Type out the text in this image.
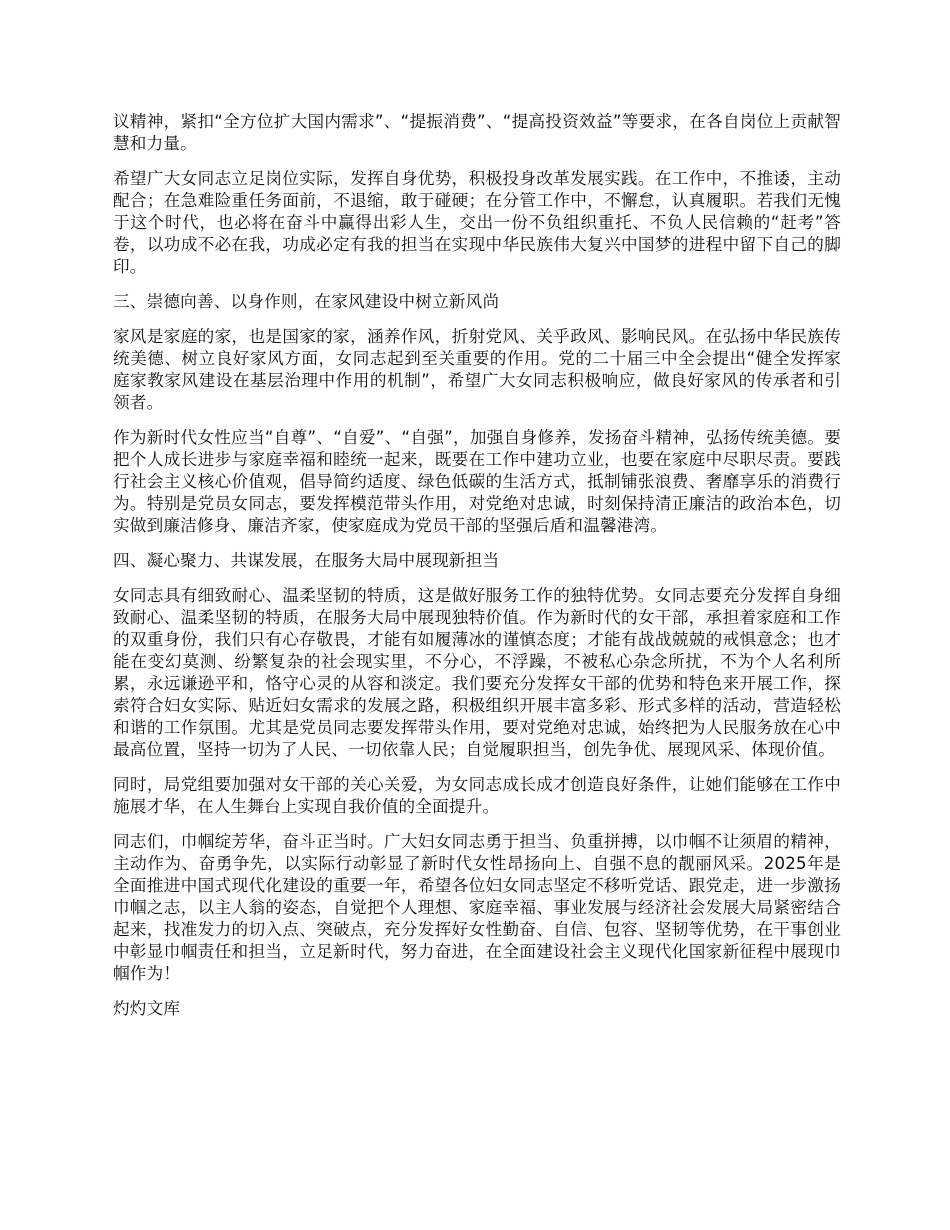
议精神，紧扣“全方位扩大国内需求”、“提振消费”、“提高投资效益”等要求，在各自岗位上贡献智慧和力量。

希望广大女同志立足岗位实际，发挥自身优势，积极投身改革发展实践。在工作中，不推诿，主动配合；在急难险重任务面前，不退缩，敢于碰硬；在分管工作中，不懈怠，认真履职。若我们无愧于这个时代，也必将在奋斗中赢得出彩人生，交出一份不负组织重托、不负人民信赖的“赶考”答卷，以功成不必在我，功成必定有我的担当在实现中华民族伟大复兴中国梦的进程中留下自己的脚印。

三、崇德向善、以身作则，在家风建设中树立新风尚

家风是家庭的家，也是国家的家，涵养作风，折射党风、关乎政风、影响民风。在弘扬中华民族传统美德、树立良好家风方面，女同志起到至关重要的作用。党的二十届三中全会提出“健全发挥家庭家教家风建设在基层治理中作用的机制”，希望广大女同志积极响应，做良好家风的传承者和引领者。

作为新时代女性应当“自尊”、“自爱”、“自强”，加强自身修养，发扬奋斗精神，弘扬传统美德。要把个人成长进步与家庭幸福和睦统一起来，既要在工作中建功立业，也要在家庭中尽职尽责。要践行社会主义核心价值观，倡导简约适度、绿色低碳的生活方式，抵制铺张浪费、奢靡享乐的消费行为。特别是党员女同志，要发挥模范带头作用，对党绝对忠诚，时刻保持清正廉洁的政治本色，切实做到廉洁修身、廉洁齐家，使家庭成为党员干部的坚强后盾和温馨港湾。

四、凝心聚力、共谋发展，在服务大局中展现新担当

女同志具有细致耐心、温柔坚韧的特质，这是做好服务工作的独特优势。女同志要充分发挥自身细致耐心、温柔坚韧的特质，在服务大局中展现独特价值。作为新时代的女干部，承担着家庭和工作的双重身份，我们只有心存敬畏，才能有如履薄冰的谨慎态度；才能有战战兢兢的戒惧意念；也才能在变幻莫测、纷繁复杂的社会现实里，不分心，不浮躁，不被私心杂念所扰，不为个人名利所累，永远谦逊平和，恪守心灵的从容和淡定。我们要充分发挥女干部的优势和特色来开展工作，探索符合妇女实际、贴近妇女需求的发展之路，积极组织开展丰富多彩、形式多样的活动，营造轻松和谐的工作氛围。尤其是党员同志要发挥带头作用，要对党绝对忠诚，始终把为人民服务放在心中最高位置，坚持一切为了人民、一切依靠人民；自觉履职担当，创先争优、展现风采、体现价值。

同时，局党组要加强对女干部的关心关爱，为女同志成长成才创造良好条件，让她们能够在工作中施展才华，在人生舞台上实现自我价值的全面提升。

同志们，巾帼绽芳华，奋斗正当时。广大妇女同志勇于担当、负重拼搏，以巾帼不让须眉的精神，主动作为、奋勇争先，以实际行动彰显了新时代女性昂扬向上、自强不息的靓丽风采。2025年是全面推进中国式现代化建设的重要一年，希望各位妇女同志坚定不移听党话、跟党走，进一步激扬巾帼之志，以主人翁的姿态，自觉把个人理想、家庭幸福、事业发展与经济社会发展大局紧密结合起来，找准发力的切入点、突破点，充分发挥好女性勤奋、自信、包容、坚韧等优势，在干事创业中彰显巾帼责任和担当，立足新时代，努力奋进，在全面建设社会主义现代化国家新征程中展现巾帼作为！

灼灼文库
